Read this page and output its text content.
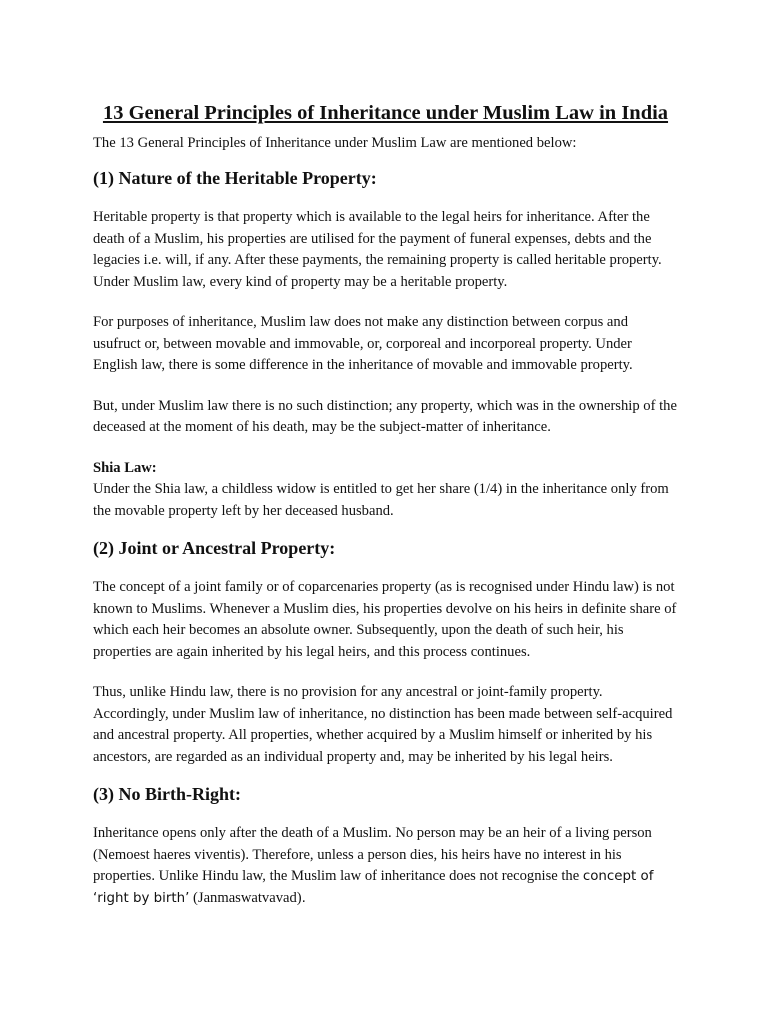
13 General Principles of Inheritance under Muslim Law in India

The 13 General Principles of Inheritance under Muslim Law are mentioned below:

(1) Nature of the Heritable Property:

Heritable property is that property which is available to the legal heirs for inheritance. After the death of a Muslim, his properties are utilised for the payment of funeral expenses, debts and the legacies i.e. will, if any. After these payments, the remaining property is called heritable property. Under Muslim law, every kind of property may be a heritable property.

For purposes of inheritance, Muslim law does not make any distinction between corpus and usufruct or, between movable and immovable, or, corporeal and incorporeal property. Under English law, there is some difference in the inheritance of movable and immovable property.

But, under Muslim law there is no such distinction; any property, which was in the ownership of the deceased at the moment of his death, may be the subject-matter of inheritance.

Shia Law:

Under the Shia law, a childless widow is entitled to get her share (1/4) in the inheritance only from the movable property left by her deceased husband.

(2) Joint or Ancestral Property:

The concept of a joint family or of coparcenaries property (as is recognised under Hindu law) is not known to Muslims. Whenever a Muslim dies, his properties devolve on his heirs in definite share of which each heir becomes an absolute owner. Subsequently, upon the death of such heir, his properties are again inherited by his legal heirs, and this process continues.

Thus, unlike Hindu law, there is no provision for any ancestral or joint-family property. Accordingly, under Muslim law of inheritance, no distinction has been made between self-acquired and ancestral property. All properties, whether acquired by a Muslim himself or inherited by his ancestors, are regarded as an individual property and, may be inherited by his legal heirs.

(3) No Birth-Right:

Inheritance opens only after the death of a Muslim. No person may be an heir of a living person (Nemoest haeres viventis). Therefore, unless a person dies, his heirs have no interest in his properties. Unlike Hindu law, the Muslim law of inheritance does not recognise the concept of ‘right by birth’ (Janmaswatvavad).
